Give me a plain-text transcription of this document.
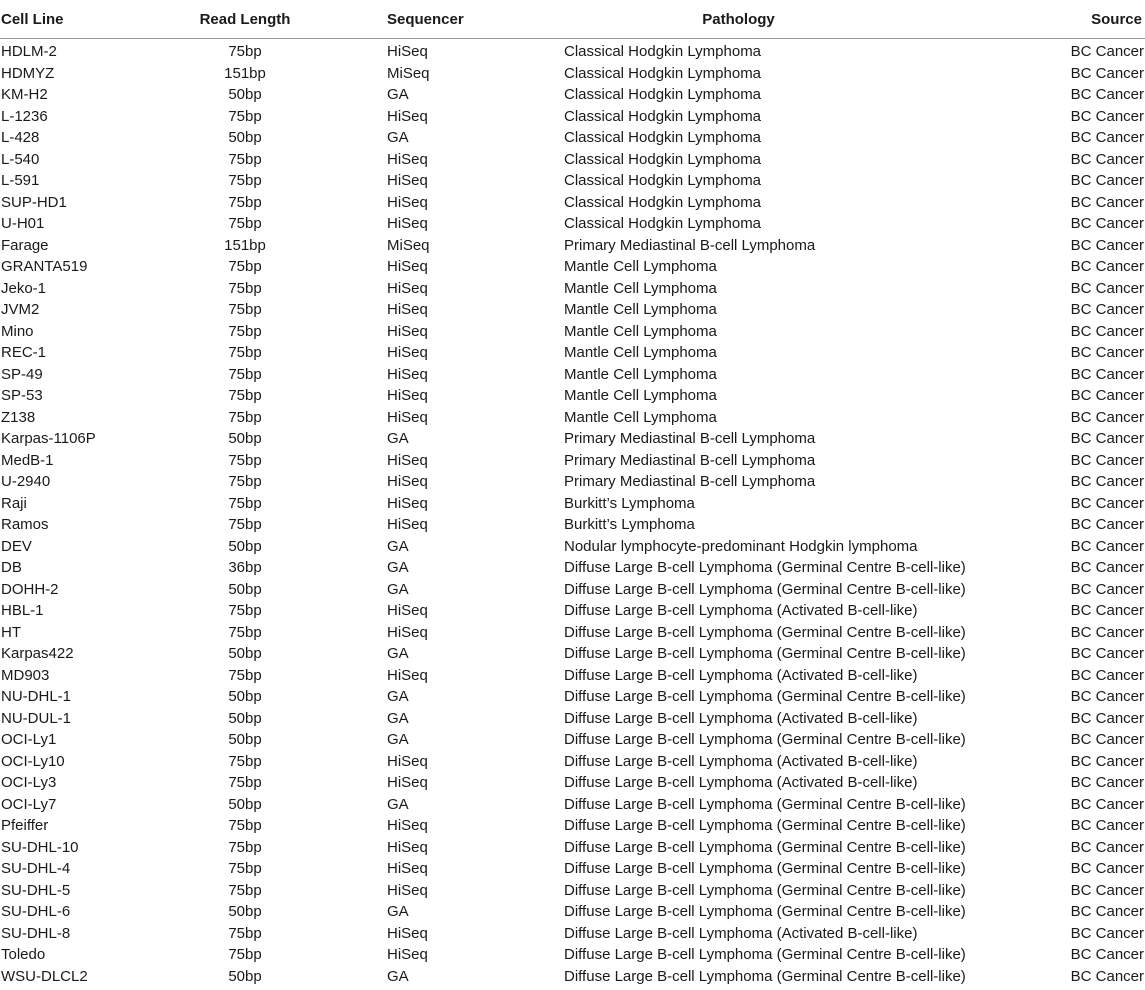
Cell Line	Read Length	Sequencer	Pathology	Source
HDLM-2	75bp	HiSeq	Classical Hodgkin Lymphoma	BC Cancer
HDMYZ	151bp	MiSeq	Classical Hodgkin Lymphoma	BC Cancer
KM-H2	50bp	GA	Classical Hodgkin Lymphoma	BC Cancer
L-1236	75bp	HiSeq	Classical Hodgkin Lymphoma	BC Cancer
L-428	50bp	GA	Classical Hodgkin Lymphoma	BC Cancer
L-540	75bp	HiSeq	Classical Hodgkin Lymphoma	BC Cancer
L-591	75bp	HiSeq	Classical Hodgkin Lymphoma	BC Cancer
SUP-HD1	75bp	HiSeq	Classical Hodgkin Lymphoma	BC Cancer
U-H01	75bp	HiSeq	Classical Hodgkin Lymphoma	BC Cancer
Farage	151bp	MiSeq	Primary Mediastinal B-cell Lymphoma	BC Cancer
GRANTA519	75bp	HiSeq	Mantle Cell Lymphoma	BC Cancer
Jeko-1	75bp	HiSeq	Mantle Cell Lymphoma	BC Cancer
JVM2	75bp	HiSeq	Mantle Cell Lymphoma	BC Cancer
Mino	75bp	HiSeq	Mantle Cell Lymphoma	BC Cancer
REC-1	75bp	HiSeq	Mantle Cell Lymphoma	BC Cancer
SP-49	75bp	HiSeq	Mantle Cell Lymphoma	BC Cancer
SP-53	75bp	HiSeq	Mantle Cell Lymphoma	BC Cancer
Z138	75bp	HiSeq	Mantle Cell Lymphoma	BC Cancer
Karpas-1106P	50bp	GA	Primary Mediastinal B-cell Lymphoma	BC Cancer
MedB-1	75bp	HiSeq	Primary Mediastinal B-cell Lymphoma	BC Cancer
U-2940	75bp	HiSeq	Primary Mediastinal B-cell Lymphoma	BC Cancer
Raji	75bp	HiSeq	Burkitt’s Lymphoma	BC Cancer
Ramos	75bp	HiSeq	Burkitt’s Lymphoma	BC Cancer
DEV	50bp	GA	Nodular lymphocyte-predominant Hodgkin lymphoma	BC Cancer
DB	36bp	GA	Diffuse Large B-cell Lymphoma (Germinal Centre B-cell-like)	BC Cancer
DOHH-2	50bp	GA	Diffuse Large B-cell Lymphoma (Germinal Centre B-cell-like)	BC Cancer
HBL-1	75bp	HiSeq	Diffuse Large B-cell Lymphoma (Activated B-cell-like)	BC Cancer
HT	75bp	HiSeq	Diffuse Large B-cell Lymphoma (Germinal Centre B-cell-like)	BC Cancer
Karpas422	50bp	GA	Diffuse Large B-cell Lymphoma (Germinal Centre B-cell-like)	BC Cancer
MD903	75bp	HiSeq	Diffuse Large B-cell Lymphoma (Activated B-cell-like)	BC Cancer
NU-DHL-1	50bp	GA	Diffuse Large B-cell Lymphoma (Germinal Centre B-cell-like)	BC Cancer
NU-DUL-1	50bp	GA	Diffuse Large B-cell Lymphoma (Activated B-cell-like)	BC Cancer
OCI-Ly1	50bp	GA	Diffuse Large B-cell Lymphoma (Germinal Centre B-cell-like)	BC Cancer
OCI-Ly10	75bp	HiSeq	Diffuse Large B-cell Lymphoma (Activated B-cell-like)	BC Cancer
OCI-Ly3	75bp	HiSeq	Diffuse Large B-cell Lymphoma (Activated B-cell-like)	BC Cancer
OCI-Ly7	50bp	GA	Diffuse Large B-cell Lymphoma (Germinal Centre B-cell-like)	BC Cancer
Pfeiffer	75bp	HiSeq	Diffuse Large B-cell Lymphoma (Germinal Centre B-cell-like)	BC Cancer
SU-DHL-10	75bp	HiSeq	Diffuse Large B-cell Lymphoma (Germinal Centre B-cell-like)	BC Cancer
SU-DHL-4	75bp	HiSeq	Diffuse Large B-cell Lymphoma (Germinal Centre B-cell-like)	BC Cancer
SU-DHL-5	75bp	HiSeq	Diffuse Large B-cell Lymphoma (Germinal Centre B-cell-like)	BC Cancer
SU-DHL-6	50bp	GA	Diffuse Large B-cell Lymphoma (Germinal Centre B-cell-like)	BC Cancer
SU-DHL-8	75bp	HiSeq	Diffuse Large B-cell Lymphoma (Activated B-cell-like)	BC Cancer
Toledo	75bp	HiSeq	Diffuse Large B-cell Lymphoma (Germinal Centre B-cell-like)	BC Cancer
WSU-DLCL2	50bp	GA	Diffuse Large B-cell Lymphoma (Germinal Centre B-cell-like)	BC Cancer
